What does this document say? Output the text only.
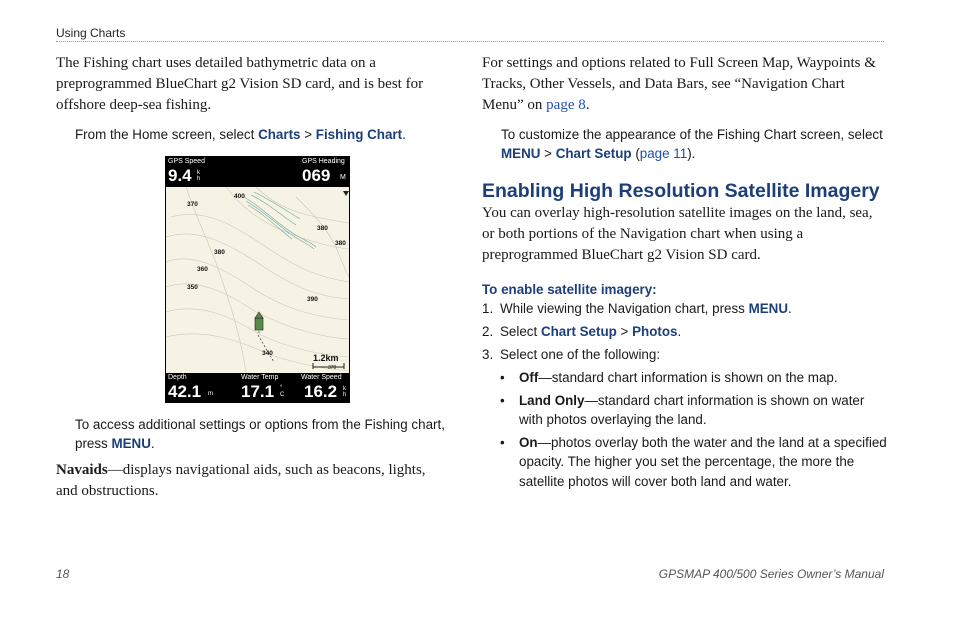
Using Charts

The Fishing chart uses detailed bathymetric data on a preprogrammed BlueChart g2 Vision SD card, and is best for offshore deep-sea fishing.

From the Home screen, select Charts > Fishing Chart.

GPS Speed
9.4 k
h
GPS Heading
069 M
370
400
380
380
380
360
350
390
340	1.2km
370
Depth
42.1 m
Water Temp
17.1 °
C
Water Speed
16.2 k
h

To access additional settings or options from the Fishing chart, press MENU.

Navaids—displays navigational aids, such as beacons, lights, and obstructions.

For settings and options related to Full Screen Map, Waypoints & Tracks, Other Vessels, and Data Bars, see “Navigation Chart Menu” on page 8.

To customize the appearance of the Fishing Chart screen, select MENU > Chart Setup (page 11).

Enabling High Resolution Satellite Imagery

You can overlay high-resolution satellite images on the land, sea, or both portions of the Navigation chart when using a preprogrammed BlueChart g2 Vision SD card.

To enable satellite imagery:
1. While viewing the Navigation chart, press MENU.
2. Select Chart Setup > Photos.
3. Select one of the following:
• Off—standard chart information is shown on the map.
• Land Only—standard chart information is shown on water with photos overlaying the land.
• On—photos overlay both the water and the land at a specified opacity. The higher you set the percentage, the more the satellite photos will cover both land and water.
18	GPSMAP 400/500 Series Owner’s Manual
